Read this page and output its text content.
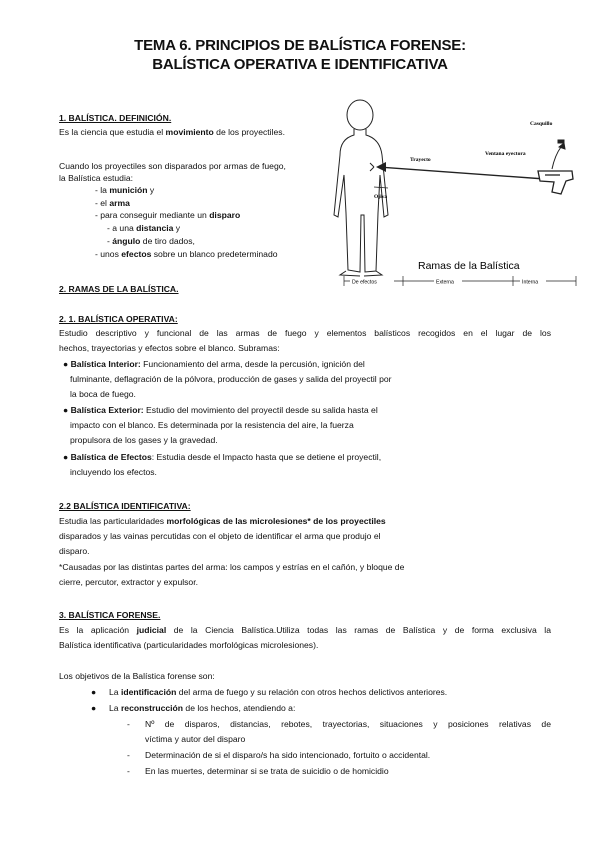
TEMA 6. PRINCIPIOS DE BALÍSTICA FORENSE:
BALÍSTICA OPERATIVA E IDENTIFICATIVA
1. BALÍSTICA. DEFINICIÓN.
Es la ciencia que estudia el movimiento de los proyectiles.
Cuando los proyectiles son disparados por armas de fuego,
la Balística estudia:
- la munición y
- el arma
- para conseguir mediante un disparo
- a una distancia y
- ángulo de tiro dados,
- unos efectos sobre un blanco predeterminado
Casquillo
Ventana eyectora
Trayecto
Ojiva
Ramas de la Balística
De efectos	Externa	Interna
2. RAMAS DE LA BALÍSTICA.
2. 1. BALÍSTICA OPERATIVA:
Estudio descriptivo y funcional de las armas de fuego y elementos balísticos recogidos en el lugar de los
hechos, trayectorias y efectos sobre el blanco. Subramas:
● Balística Interior: Funcionamiento del arma, desde la percusión, ignición del
fulminante, deflagración de la pólvora, producción de gases y salida del proyectil por
la boca de fuego.
● Balística Exterior: Estudio del movimiento del proyectil desde su salida hasta el
impacto con el blanco. Es determinada por la resistencia del aire, la fuerza
propulsora de los gases y la gravedad.
● Balística de Efectos: Estudia desde el Impacto hasta que se detiene el proyectil,
incluyendo los efectos.
2.2 BALÍSTICA IDENTIFICATIVA:
Estudia las particularidades morfológicas de las microlesiones* de los proyectiles
disparados y las vainas percutidas con el objeto de identificar el arma que produjo el
disparo.
*Causadas por las distintas partes del arma: los campos y estrías en el cañón, y bloque de
cierre, percutor, extractor y expulsor.
3. BALÍSTICA FORENSE.
Es la aplicación judicial de la Ciencia Balística.Utiliza todas las ramas de Balística y de forma exclusiva la
Balística identificativa (particularidades morfológicas microlesiones).
Los objetivos de la Balística forense son:
● La identificación del arma de fuego y su relación con otros hechos delictivos anteriores.
● La reconstrucción de los hechos, atendiendo a:
- Nº de disparos, distancias, rebotes, trayectorias, situaciones y posiciones relativas de
víctima y autor del disparo
- Determinación de si el disparo/s ha sido intencionado, fortuito o accidental.
- En las muertes, determinar si se trata de suicidio o de homicidio
